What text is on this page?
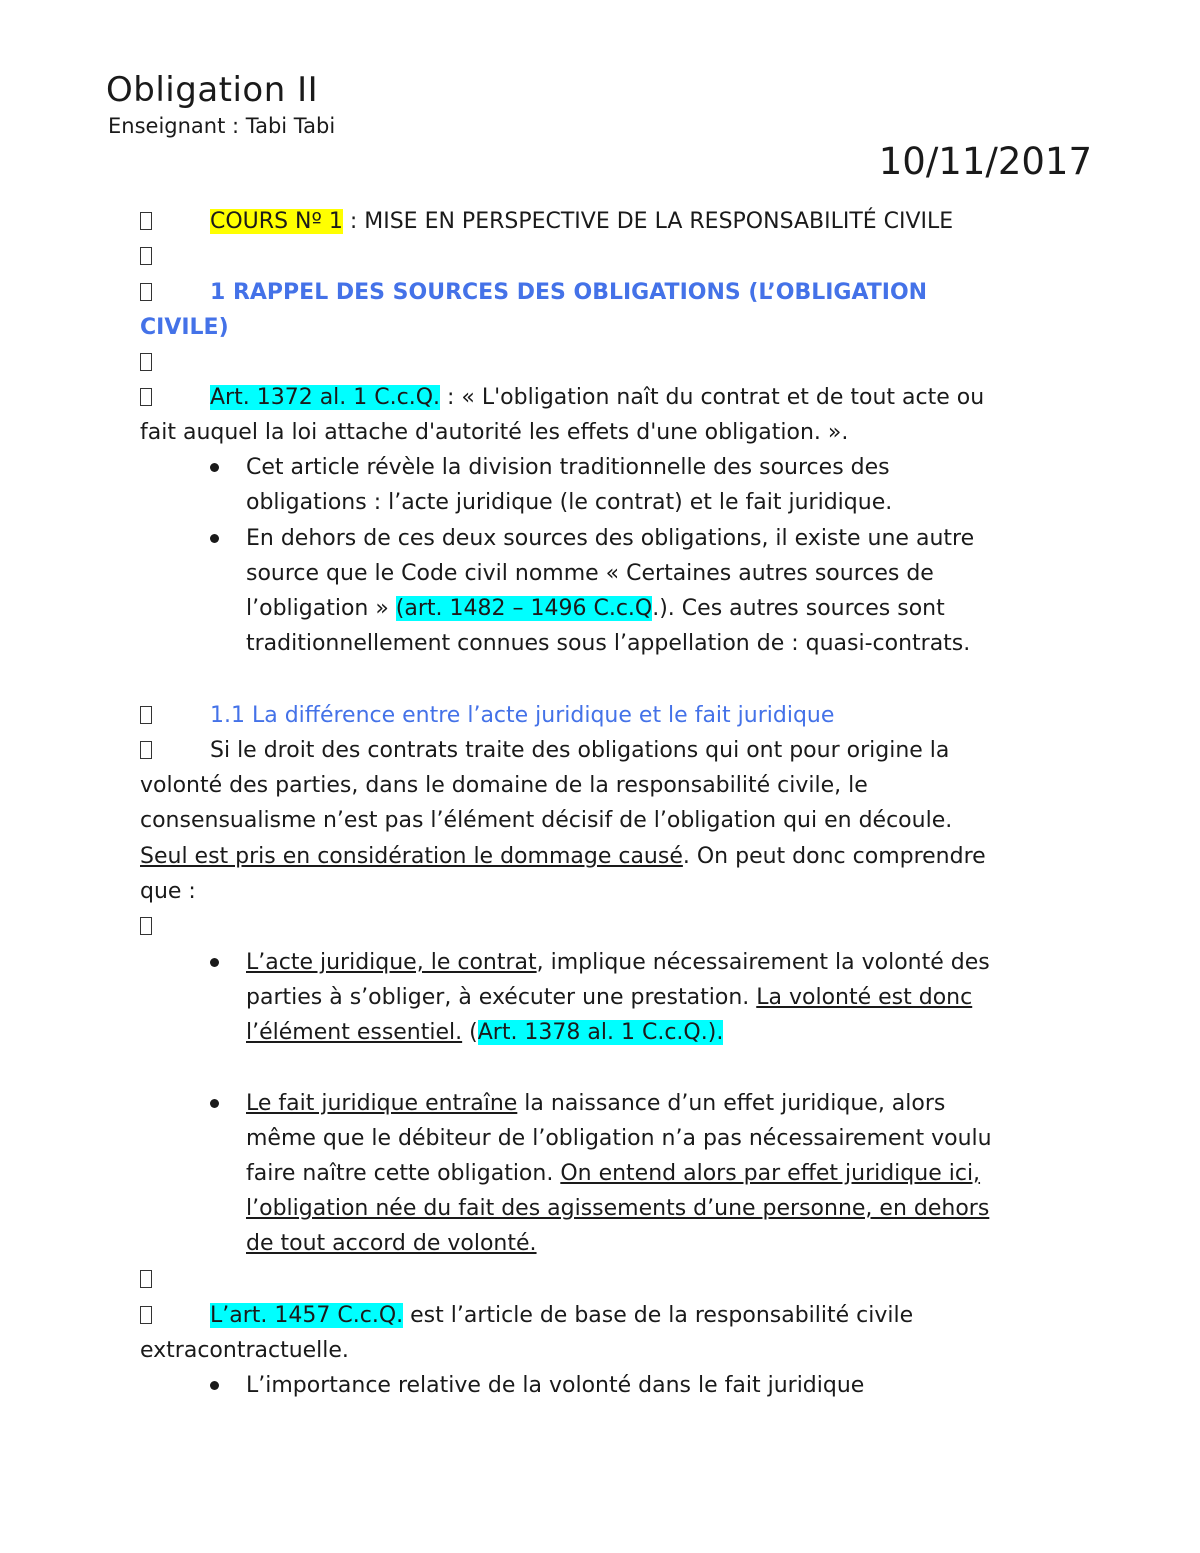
Obligation II
Enseignant : Tabi Tabi
10/11/2017
COURS Nº 1 : MISE EN PERSPECTIVE DE LA RESPONSABILITÉ CIVILE
1 RAPPEL DES SOURCES DES OBLIGATIONS (L’OBLIGATION
CIVILE)
Art. 1372 al. 1 C.c.Q. : « L'obligation naît du contrat et de tout acte ou
fait auquel la loi attache d'autorité les effets d'une obligation. ».
Cet article révèle la division traditionnelle des sources des
obligations : l’acte juridique (le contrat) et le fait juridique.
En dehors de ces deux sources des obligations, il existe une autre
source que le Code civil nomme « Certaines autres sources de
l’obligation » (art. 1482 – 1496 C.c.Q.). Ces autres sources sont
traditionnellement connues sous l’appellation de : quasi-contrats.
1.1 La différence entre l’acte juridique et le fait juridique
Si le droit des contrats traite des obligations qui ont pour origine la
volonté des parties, dans le domaine de la responsabilité civile, le
consensualisme n’est pas l’élément décisif de l’obligation qui en découle.
Seul est pris en considération le dommage causé. On peut donc comprendre
que :
L’acte juridique, le contrat, implique nécessairement la volonté des
parties à s’obliger, à exécuter une prestation. La volonté est donc
l’élément essentiel. (Art. 1378 al. 1 C.c.Q.).
Le fait juridique entraîne la naissance d’un effet juridique, alors
même que le débiteur de l’obligation n’a pas nécessairement voulu
faire naître cette obligation. On entend alors par effet juridique ici,
l’obligation née du fait des agissements d’une personne, en dehors
de tout accord de volonté.
L’art. 1457 C.c.Q. est l’article de base de la responsabilité civile
extracontractuelle.
L’importance relative de la volonté dans le fait juridique
